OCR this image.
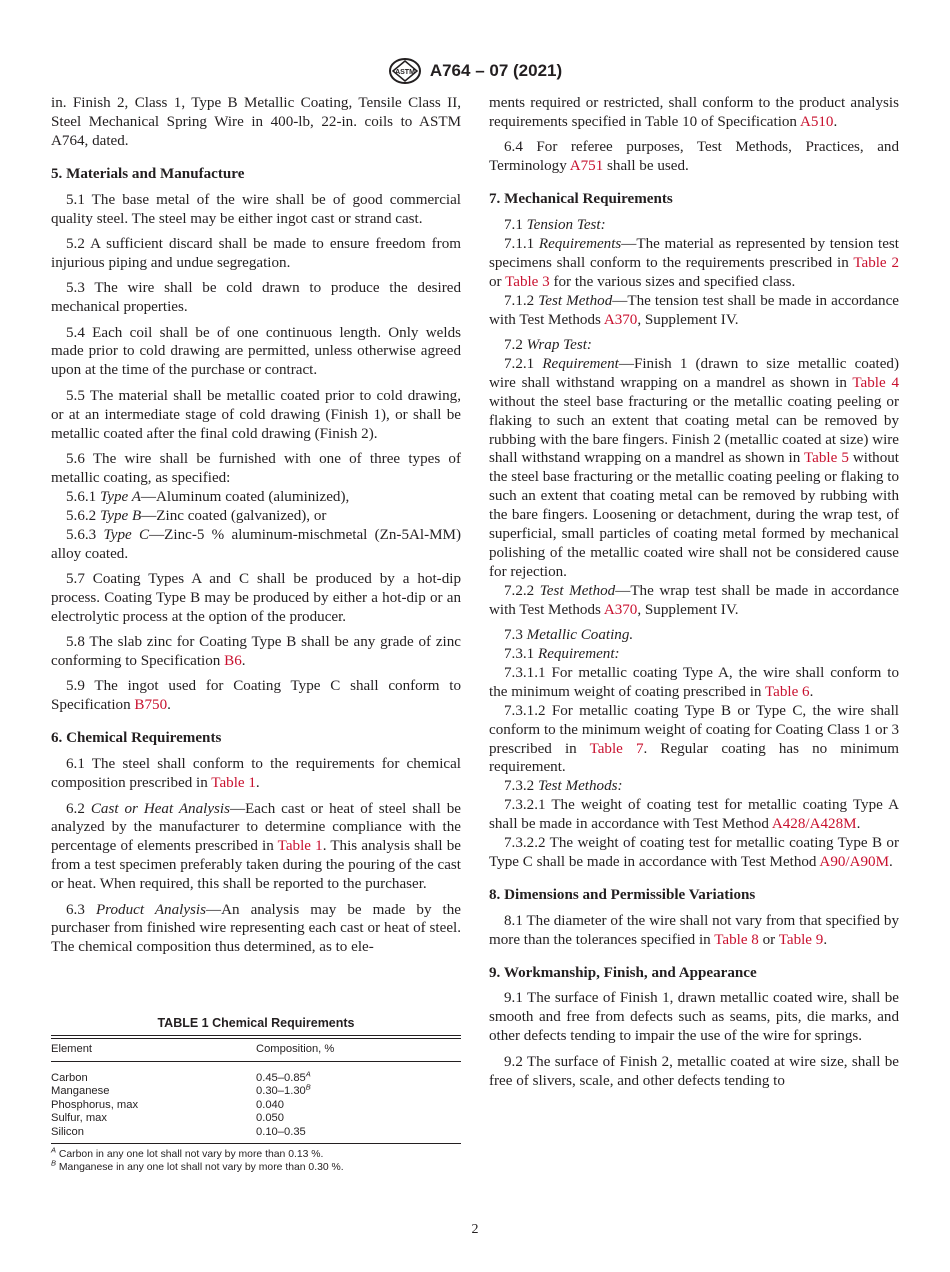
ASTM A764 – 07 (2021)

in. Finish 2, Class 1, Type B Metallic Coating, Tensile Class II, Steel Mechanical Spring Wire in 400-lb, 22-in. coils to ASTM A764, dated.

5. Materials and Manufacture

5.1 The base metal of the wire shall be of good commercial quality steel. The steel may be either ingot cast or strand cast.

5.2 A sufficient discard shall be made to ensure freedom from injurious piping and undue segregation.

5.3 The wire shall be cold drawn to produce the desired mechanical properties.

5.4 Each coil shall be of one continuous length. Only welds made prior to cold drawing are permitted, unless otherwise agreed upon at the time of the purchase or contract.

5.5 The material shall be metallic coated prior to cold drawing, or at an intermediate stage of cold drawing (Finish 1), or shall be metallic coated after the final cold drawing (Finish 2).

5.6 The wire shall be furnished with one of three types of metallic coating, as specified:

5.6.1 Type A—Aluminum coated (aluminized),

5.6.2 Type B—Zinc coated (galvanized), or

5.6.3 Type C—Zinc-5 % aluminum-mischmetal (Zn-5Al-MM) alloy coated.

5.7 Coating Types A and C shall be produced by a hot-dip process. Coating Type B may be produced by either a hot-dip or an electrolytic process at the option of the producer.

5.8 The slab zinc for Coating Type B shall be any grade of zinc conforming to Specification B6.

5.9 The ingot used for Coating Type C shall conform to Specification B750.

6. Chemical Requirements

6.1 The steel shall conform to the requirements for chemical composition prescribed in Table 1.

6.2 Cast or Heat Analysis—Each cast or heat of steel shall be analyzed by the manufacturer to determine compliance with the percentage of elements prescribed in Table 1. This analysis shall be from a test specimen preferably taken during the pouring of the cast or heat. When required, this shall be reported to the purchaser.

6.3 Product Analysis—An analysis may be made by the purchaser from finished wire representing each cast or heat of steel. The chemical composition thus determined, as to ele-

TABLE 1 Chemical Requirements
Element	Composition, %

Carbon	$0.45-0.85^A$
Manganese	$0.30-1.30^B$
Phosphorus, max	0.040
Sulfur, max	0.050
Silicon	0.10–0.35
$^A$ Carbon in any one lot shall not vary by more than 0.13 %.
$^B$ Manganese in any one lot shall not vary by more than 0.30 %.

ments required or restricted, shall conform to the product analysis requirements specified in Table 10 of Specification A510.

6.4 For referee purposes, Test Methods, Practices, and Terminology A751 shall be used.

7. Mechanical Requirements

7.1 Tension Test:

7.1.1 Requirements—The material as represented by tension test specimens shall conform to the requirements prescribed in Table 2 or Table 3 for the various sizes and specified class.

7.1.2 Test Method—The tension test shall be made in accordance with Test Methods A370, Supplement IV.

7.2 Wrap Test:

7.2.1 Requirement—Finish 1 (drawn to size metallic coated) wire shall withstand wrapping on a mandrel as shown in Table 4 without the steel base fracturing or the metallic coating peeling or flaking to such an extent that coating metal can be removed by rubbing with the bare fingers. Finish 2 (metallic coated at size) wire shall withstand wrapping on a mandrel as shown in Table 5 without the steel base fracturing or the metallic coating peeling or flaking to such an extent that coating metal can be removed by rubbing with the bare fingers. Loosening or detachment, during the wrap test, of superficial, small particles of coating metal formed by mechanical polishing of the metallic coated wire shall not be considered cause for rejection.

7.2.2 Test Method—The wrap test shall be made in accordance with Test Methods A370, Supplement IV.

7.3 Metallic Coating.

7.3.1 Requirement:

7.3.1.1 For metallic coating Type A, the wire shall conform to the minimum weight of coating prescribed in Table 6.

7.3.1.2 For metallic coating Type B or Type C, the wire shall conform to the minimum weight of coating for Coating Class 1 or 3 prescribed in Table 7. Regular coating has no minimum requirement.

7.3.2 Test Methods:

7.3.2.1 The weight of coating test for metallic coating Type A shall be made in accordance with Test Method A428/A428M.

7.3.2.2 The weight of coating test for metallic coating Type B or Type C shall be made in accordance with Test Method A90/A90M.

8. Dimensions and Permissible Variations

8.1 The diameter of the wire shall not vary from that specified by more than the tolerances specified in Table 8 or Table 9.

9. Workmanship, Finish, and Appearance

9.1 The surface of Finish 1, drawn metallic coated wire, shall be smooth and free from defects such as seams, pits, die marks, and other defects tending to impair the use of the wire for springs.

9.2 The surface of Finish 2, metallic coated at wire size, shall be free of slivers, scale, and other defects tending to

2
